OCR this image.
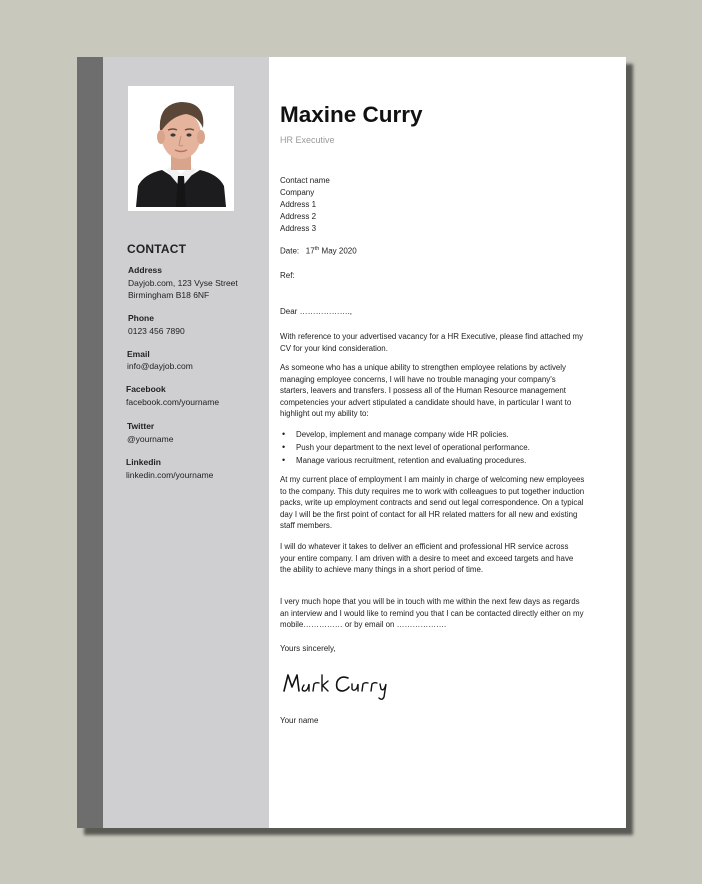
CONTACT
Address
Dayjob.com, 123 Vyse Street
Birmingham B18 6NF
Phone
0123 456 7890
Email
info@dayjob.com
Facebook
facebook.com/yourname
Twitter
@yourname
Linkedin
linkedin.com/yourname
Maxine Curry
HR Executive
Contact name
Company
Address 1
Address 2
Address 3
Date: 17th May 2020
Ref:
Dear ……………….,

With reference to your advertised vacancy for a HR Executive, please find attached my CV for your kind consideration.

As someone who has a unique ability to strengthen employee relations by actively managing employee concerns, I will have no trouble managing your company's starters, leavers and transfers. I possess all of the Human Resource management competencies your advert stipulated a candidate should have, in particular I want to highlight out my ability to:

• Develop, implement and manage company wide HR policies.
• Push your department to the next level of operational performance.
• Manage various recruitment, retention and evaluating procedures.

At my current place of employment I am mainly in charge of welcoming new employees to the company. This duty requires me to work with colleagues to put together induction packs, write up employment contracts and send out legal correspondence. On a typical day I will be the first point of contact for all HR related matters for all new and existing staff members.

I will do whatever it takes to deliver an efficient and professional HR service across your entire company. I am driven with a desire to meet and exceed targets and have the ability to achieve many things in a short period of time.

I very much hope that you will be in touch with me within the next few days as regards an interview and I would like to remind you that I can be contacted directly either on my mobile…………… or by email on ……………….

Yours sincerely,
Your name
